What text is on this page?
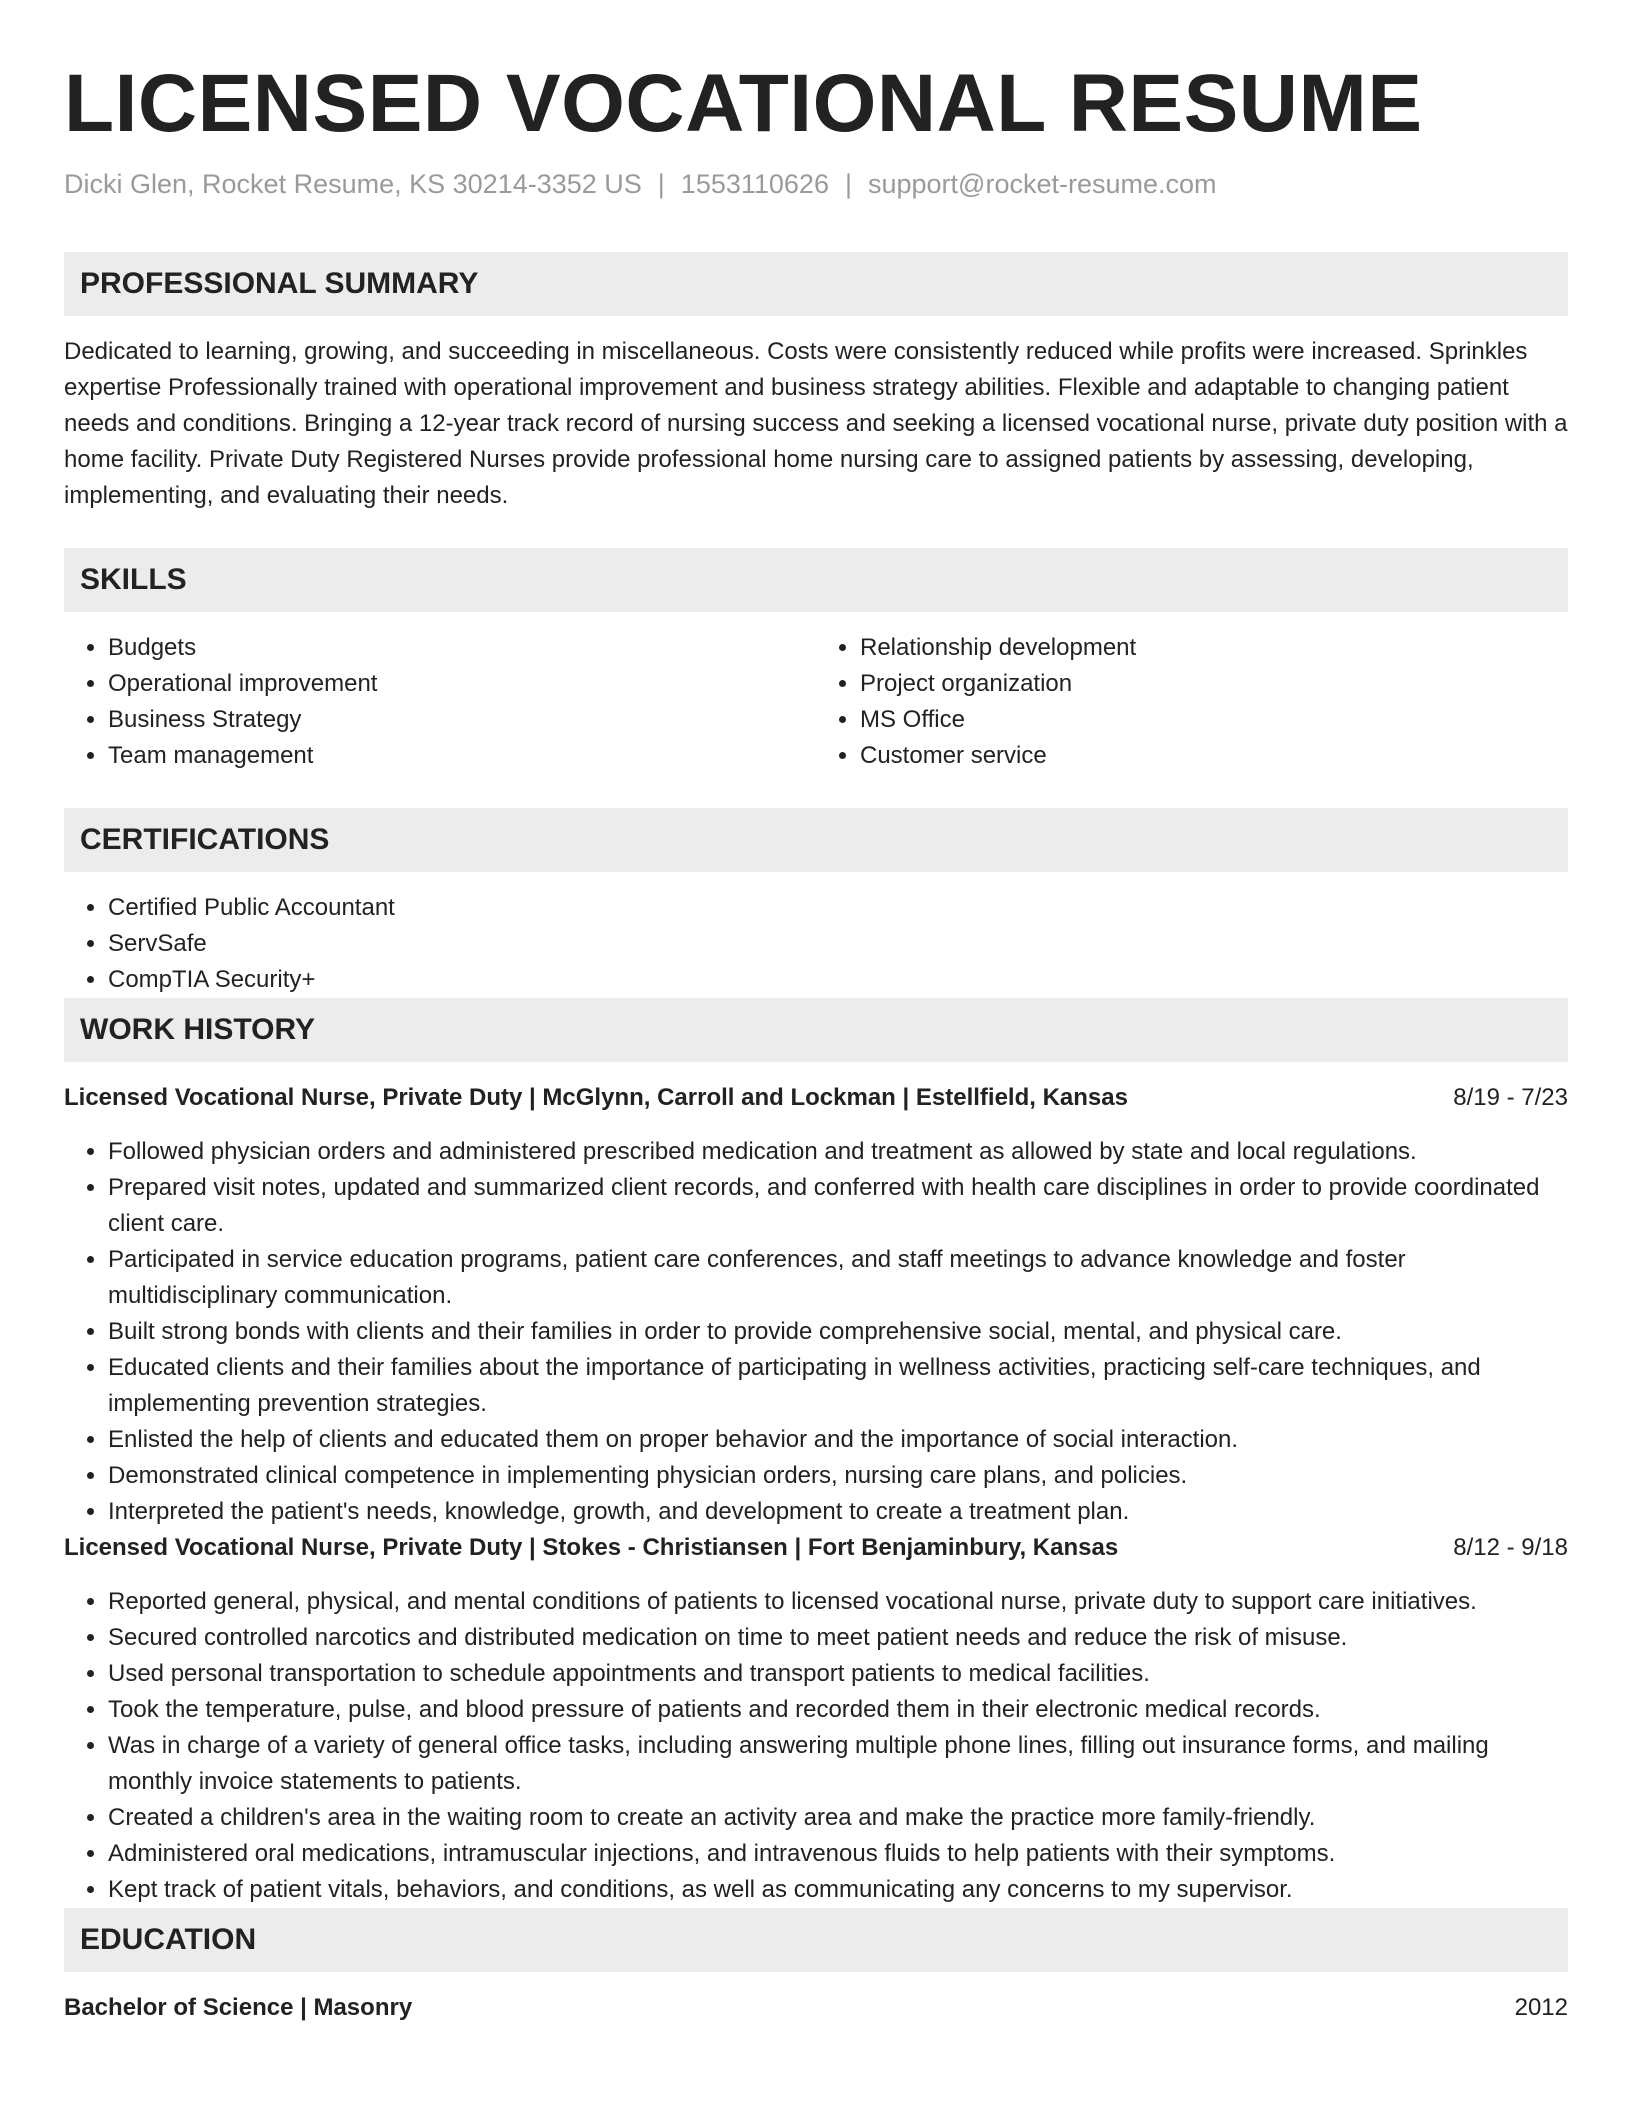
LICENSED VOCATIONAL RESUME
Dicki Glen, Rocket Resume, KS 30214-3352 US | 1553110626 | support@rocket-resume.com
PROFESSIONAL SUMMARY

Dedicated to learning, growing, and succeeding in miscellaneous. Costs were consistently reduced while profits were increased. Sprinkles expertise Professionally trained with operational improvement and business strategy abilities. Flexible and adaptable to changing patient needs and conditions. Bringing a 12-year track record of nursing success and seeking a licensed vocational nurse, private duty position with a home facility. Private Duty Registered Nurses provide professional home nursing care to assigned patients by assessing, developing, implementing, and evaluating their needs.

SKILLS
• Budgets
• Operational improvement
• Business Strategy
• Team management
• Relationship development
• Project organization
• MS Office
• Customer service
CERTIFICATIONS
• Certified Public Accountant
• ServSafe
• CompTIA Security+
WORK HISTORY
Licensed Vocational Nurse, Private Duty | McGlynn, Carroll and Lockman | Estellfield, Kansas	8/19 - 7/23
• Followed physician orders and administered prescribed medication and treatment as allowed by state and local regulations.
• Prepared visit notes, updated and summarized client records, and conferred with health care disciplines in order to provide coordinated client care.
• Participated in service education programs, patient care conferences, and staff meetings to advance knowledge and foster multidisciplinary communication.
• Built strong bonds with clients and their families in order to provide comprehensive social, mental, and physical care.
• Educated clients and their families about the importance of participating in wellness activities, practicing self-care techniques, and implementing prevention strategies.
• Enlisted the help of clients and educated them on proper behavior and the importance of social interaction.
• Demonstrated clinical competence in implementing physician orders, nursing care plans, and policies.
• Interpreted the patient's needs, knowledge, growth, and development to create a treatment plan.
Licensed Vocational Nurse, Private Duty | Stokes - Christiansen | Fort Benjaminbury, Kansas	8/12 - 9/18
• Reported general, physical, and mental conditions of patients to licensed vocational nurse, private duty to support care initiatives.
• Secured controlled narcotics and distributed medication on time to meet patient needs and reduce the risk of misuse.
• Used personal transportation to schedule appointments and transport patients to medical facilities.
• Took the temperature, pulse, and blood pressure of patients and recorded them in their electronic medical records.
• Was in charge of a variety of general office tasks, including answering multiple phone lines, filling out insurance forms, and mailing monthly invoice statements to patients.
• Created a children's area in the waiting room to create an activity area and make the practice more family-friendly.
• Administered oral medications, intramuscular injections, and intravenous fluids to help patients with their symptoms.
• Kept track of patient vitals, behaviors, and conditions, as well as communicating any concerns to my supervisor.
EDUCATION
Bachelor of Science | Masonry	2012
